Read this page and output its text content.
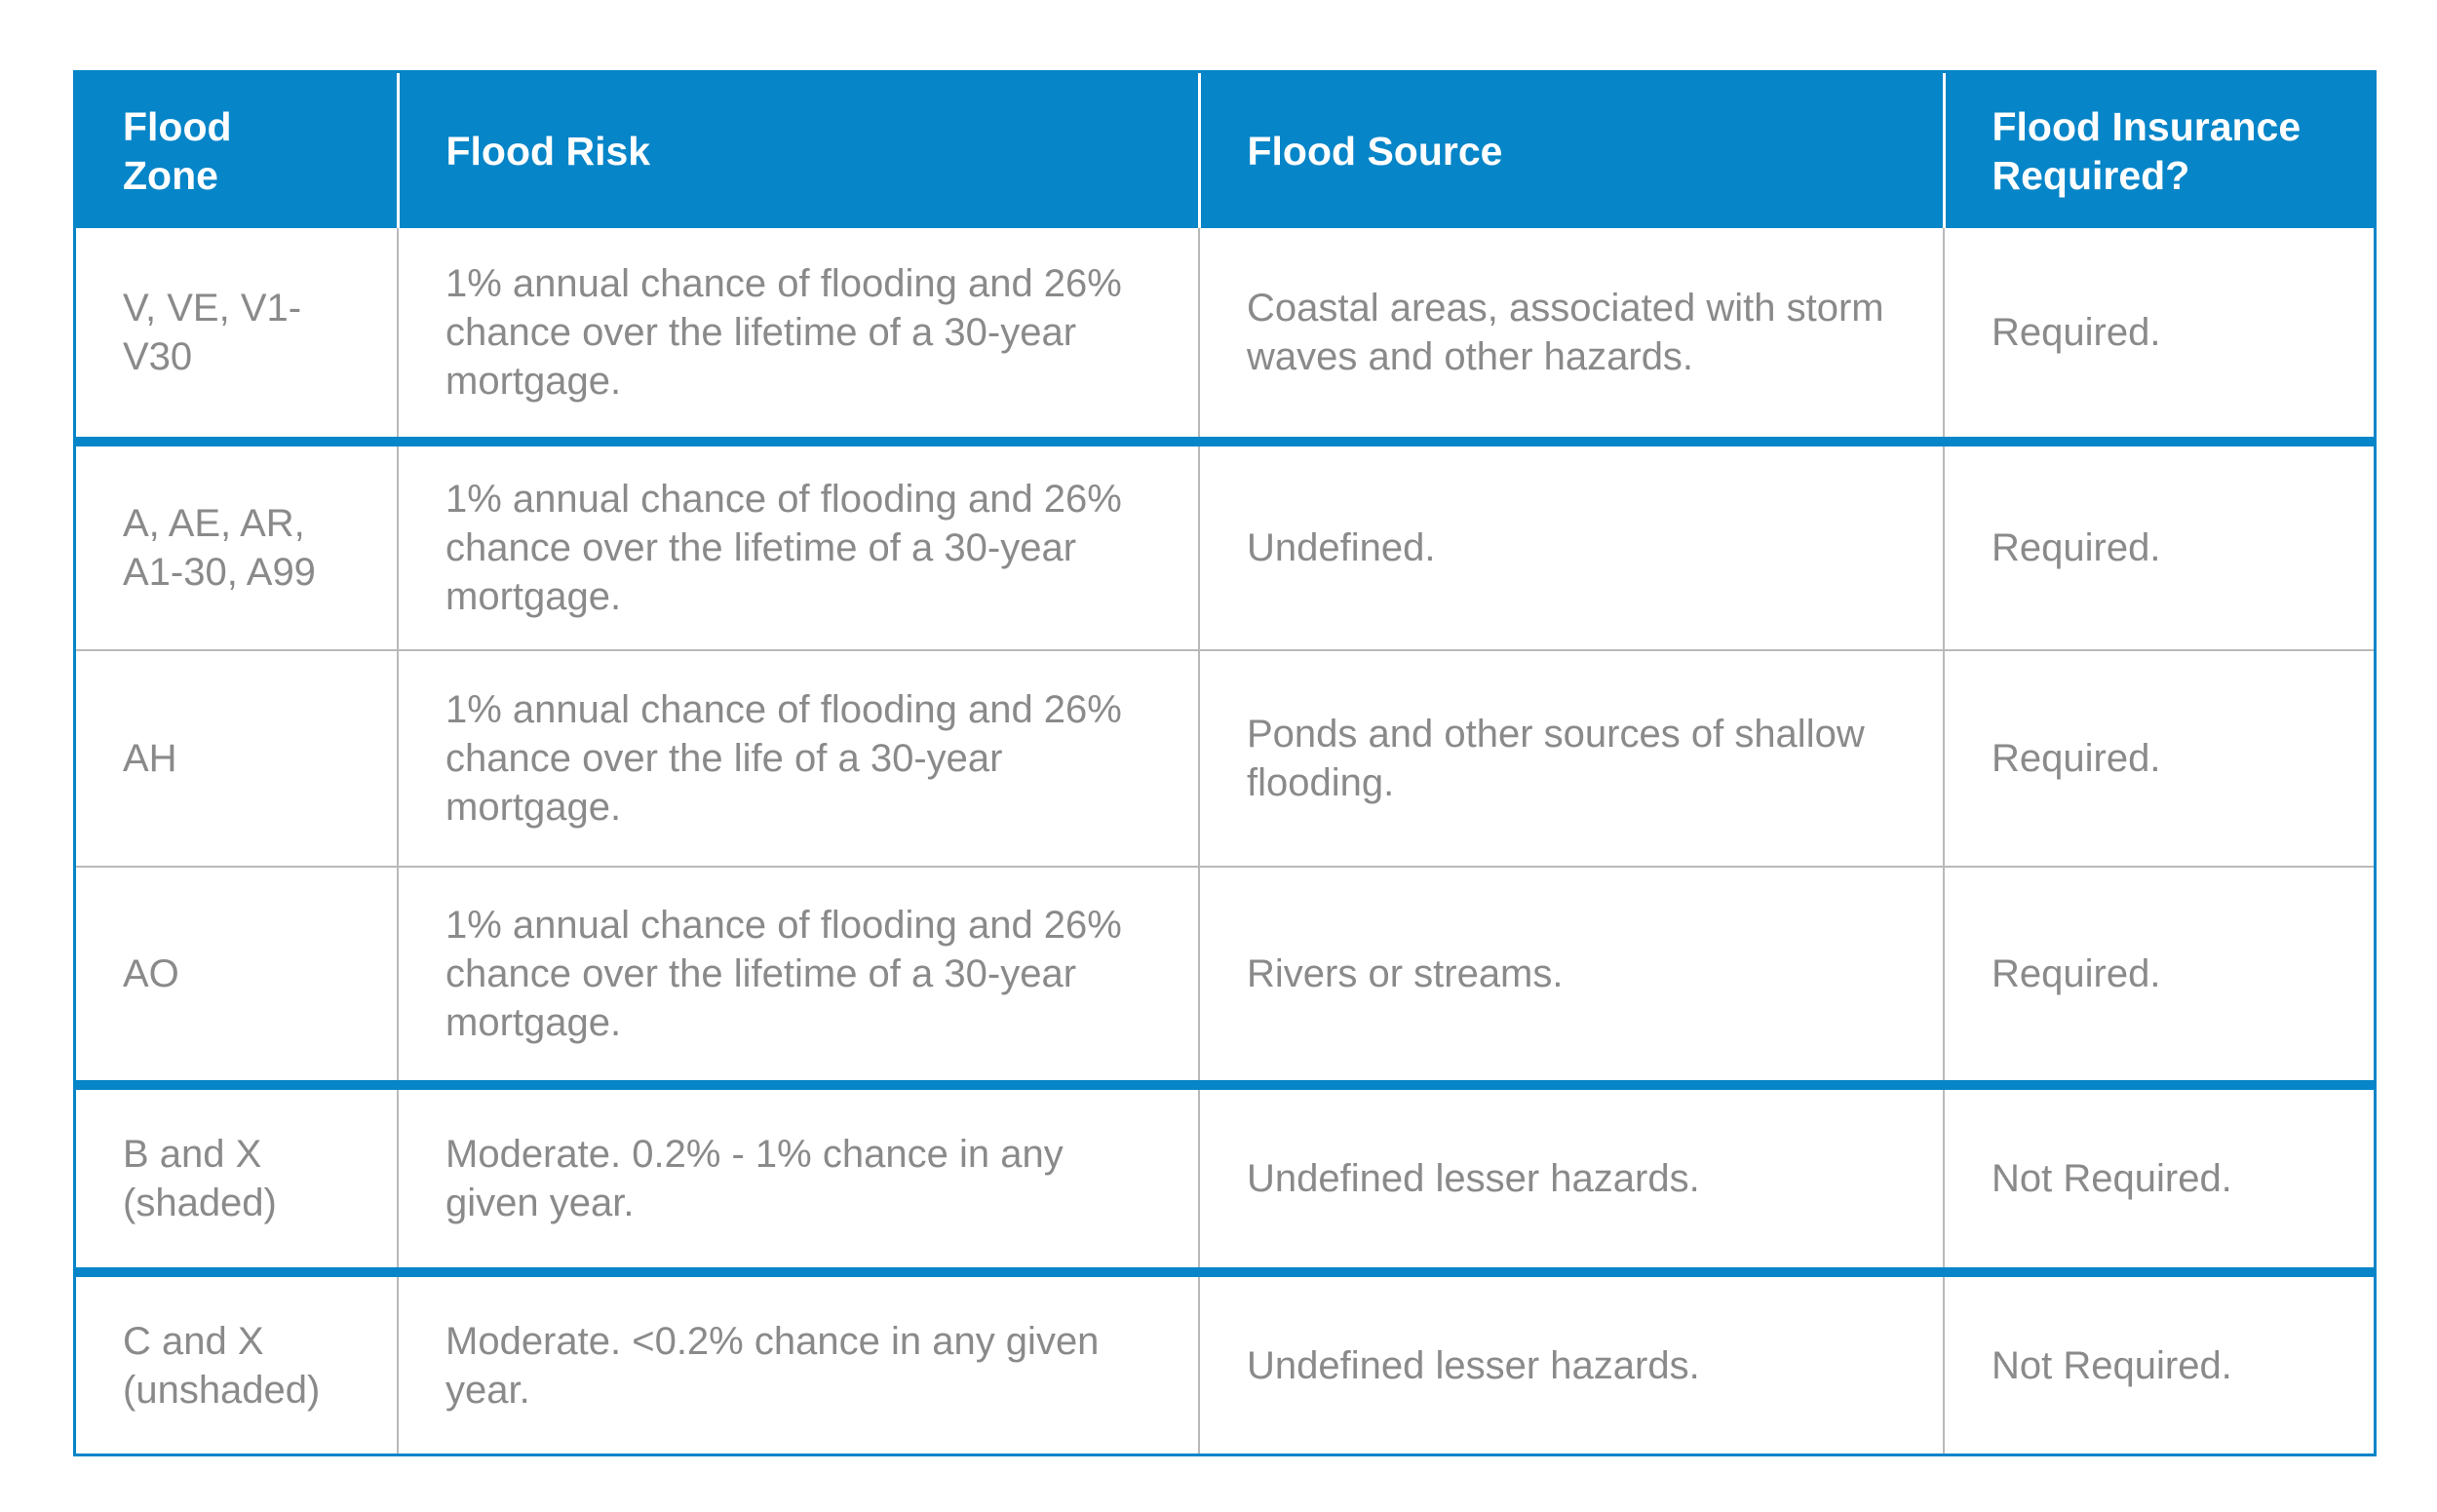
Flood Zone	Flood Risk	Flood Source	Flood Insurance Required?
V, VE, V1-V30	1% annual chance of flooding and 26% chance over the lifetime of a 30-year mortgage.	Coastal areas, associated with storm waves and other hazards.	Required.
A, AE, AR, A1-30, A99	1% annual chance of flooding and 26% chance over the lifetime of a 30-year mortgage.	Undefined.	Required.
AH	1% annual chance of flooding and 26% chance over the life of a 30-year mortgage.	Ponds and other sources of shallow flooding.	Required.
AO	1% annual chance of flooding and 26% chance over the lifetime of a 30-year mortgage.	Rivers or streams.	Required.
B and X (shaded)	Moderate. 0.2% - 1% chance in any given year.	Undefined lesser hazards.	Not Required.
C and X (unshaded)	Moderate. <0.2% chance in any given year.	Undefined lesser hazards.	Not Required.
